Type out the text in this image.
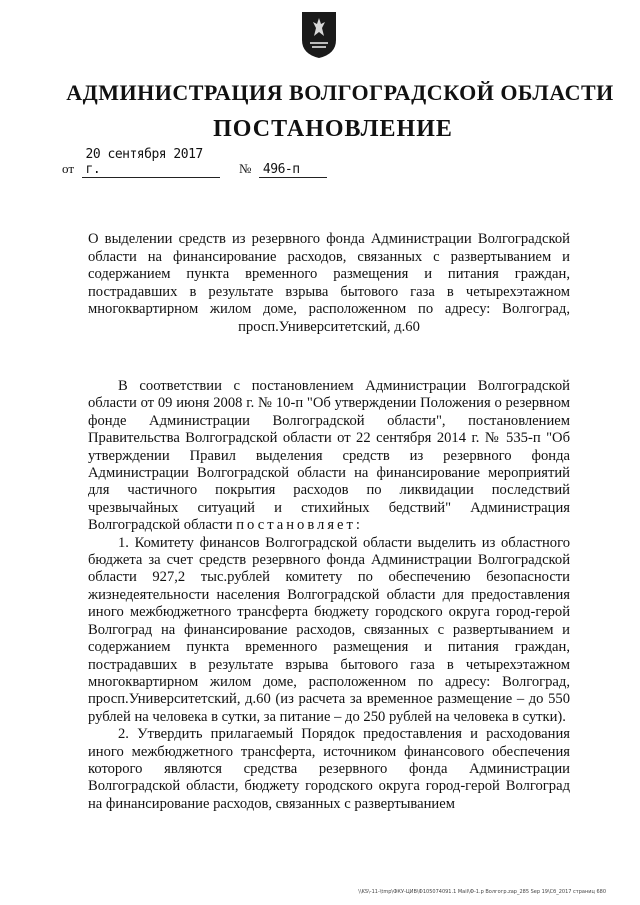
АДМИНИСТРАЦИЯ ВОЛГОГРАДСКОЙ ОБЛАСТИ
ПОСТАНОВЛЕНИЕ
от 20 сентября 2017 г.	№ 496-п
О выделении средств из резервного фонда Администрации Волгоградской области на финансирование расходов, связанных с развертыванием и содержанием пункта временного размещения и питания граждан, пострадавших в результате взрыва бытового газа в четырехэтажном многоквартирном жилом доме, расположенном по адресу: Волгоград, просп.Университетский, д.60

В соответствии с постановлением Администрации Волгоградской области от 09 июня 2008 г. № 10-п "Об утверждении Положения о резервном фонде Администрации Волгоградской области", постановлением Правительства Волгоградской области от 22 сентября 2014 г. № 535-п "Об утверждении Правил выделения средств из резервного фонда Администрации Волгоградской области на финансирование мероприятий для частичного покрытия расходов по ликвидации последствий чрезвычайных ситуаций и стихийных бедствий" Администрация Волгоградской области постановляет:

1. Комитету финансов Волгоградской области выделить из областного бюджета за счет средств резервного фонда Администрации Волгоградской области 927,2 тыс.рублей комитету по обеспечению безопасности жизнедеятельности населения Волгоградской области для предоставления иного межбюджетного трансферта бюджету городского округа город-герой Волгоград на финансирование расходов, связанных с развертыванием и содержанием пункта временного размещения и питания граждан, пострадавших в результате взрыва бытового газа в четырехэтажном многоквартирном жилом доме, расположенном по адресу: Волгоград, просп.Университетский, д.60 (из расчета за временное размещение – до 550 рублей на человека в сутки, за питание – до 250 рублей на человека в сутки).

2. Утвердить прилагаемый Порядок предоставления и расходования иного межбюджетного трансферта, источником финансового обеспечения которого являются средства резервного фонда Администрации Волгоградской области, бюджету городского округа город-герой Волгоград на финансирование расходов, связанных с развертыванием

\\KS\-11-\tmp\ФКУ-ЦИВ\Ф105074091.1 Mail\Ф-1.р Волгогр.zap_285 Sep 19\Сб_2017 страниц 680
